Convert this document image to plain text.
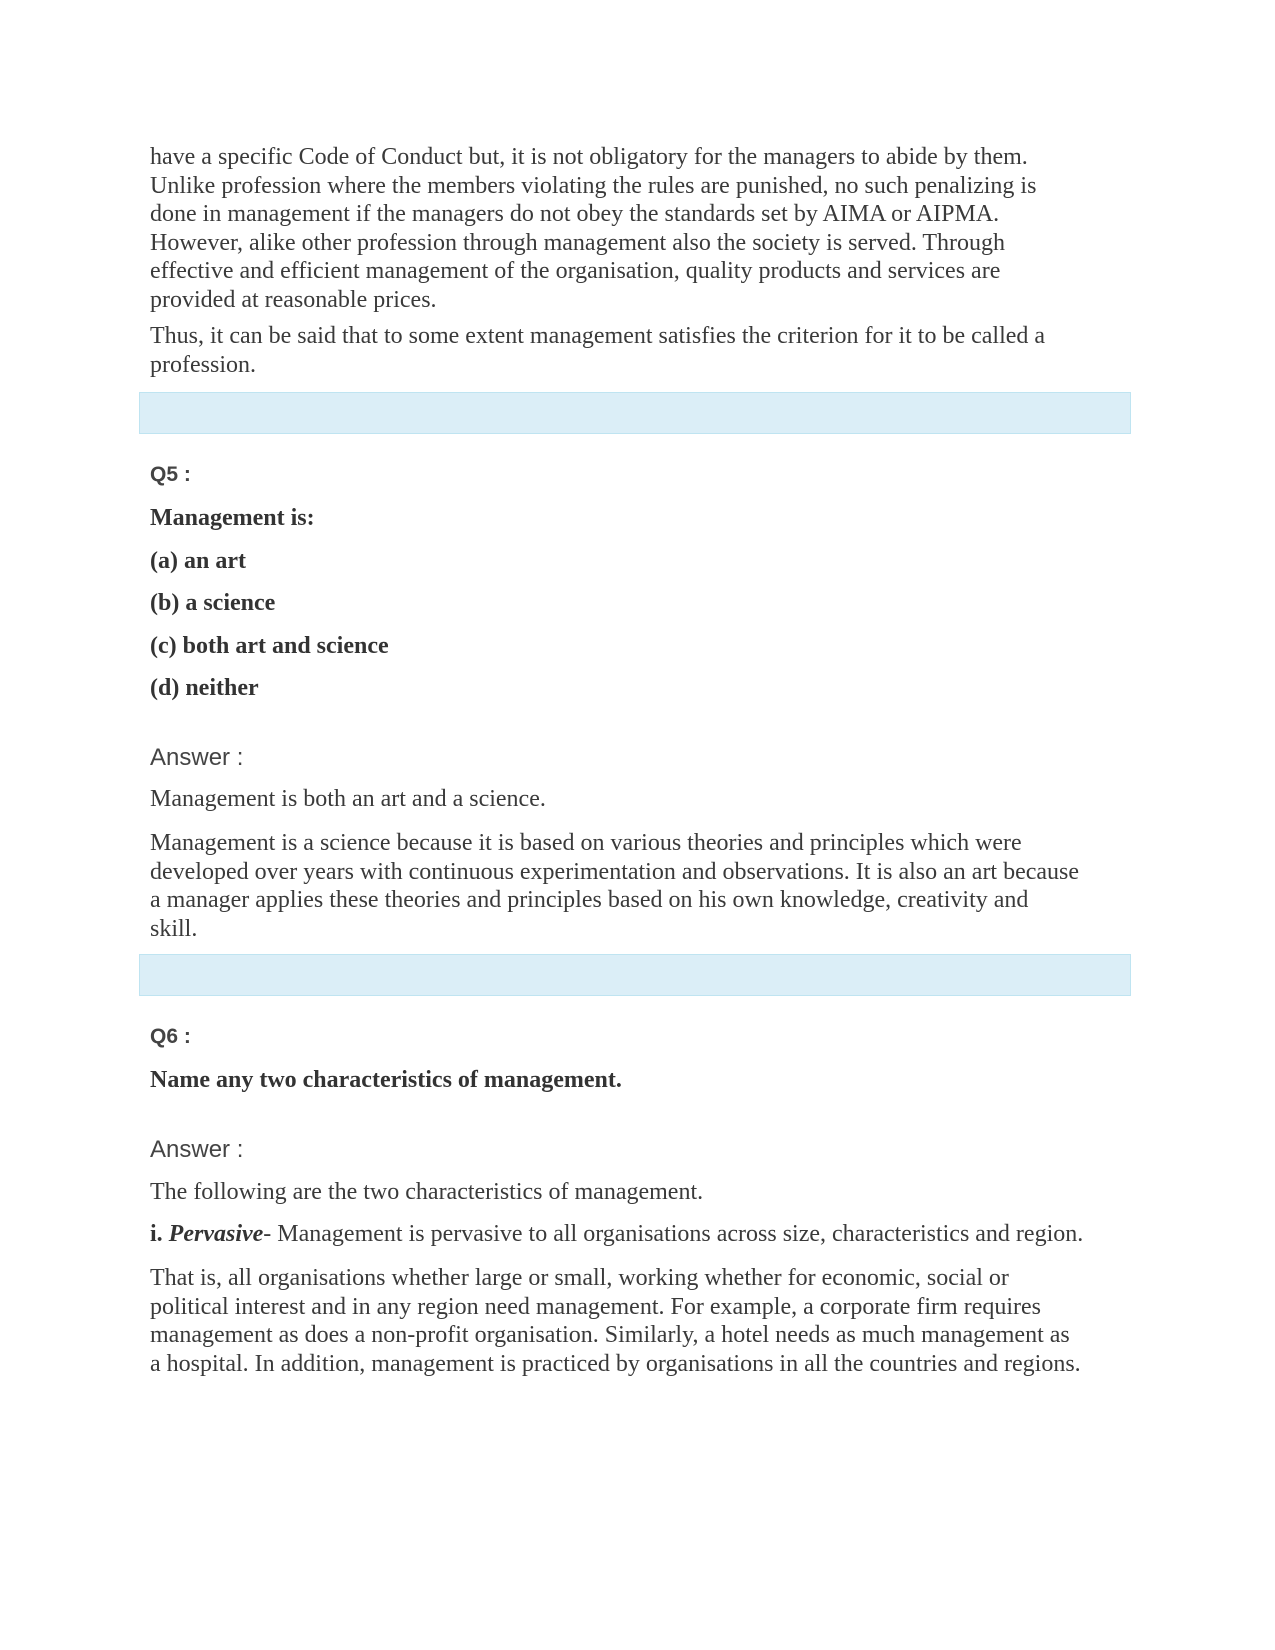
have a specific Code of Conduct but, it is not obligatory for the managers to abide by them.
Unlike profession where the members violating the rules are punished, no such penalizing is
done in management if the managers do not obey the standards set by AIMA or AIPMA.
However, alike other profession through management also the society is served. Through
effective and efficient management of the organisation, quality products and services are
provided at reasonable prices.
Thus, it can be said that to some extent management satisfies the criterion for it to be called a
profession.
Q5 :
Management is:
(a) an art
(b) a science
(c) both art and science
(d) neither
Answer :
Management is both an art and a science.
Management is a science because it is based on various theories and principles which were
developed over years with continuous experimentation and observations. It is also an art because
a manager applies these theories and principles based on his own knowledge, creativity and
skill.
Q6 :
Name any two characteristics of management.
Answer :
The following are the two characteristics of management.
i. Pervasive- Management is pervasive to all organisations across size, characteristics and region.
That is, all organisations whether large or small, working whether for economic, social or
political interest and in any region need management. For example, a corporate firm requires
management as does a non-profit organisation. Similarly, a hotel needs as much management as
a hospital. In addition, management is practiced by organisations in all the countries and regions.
